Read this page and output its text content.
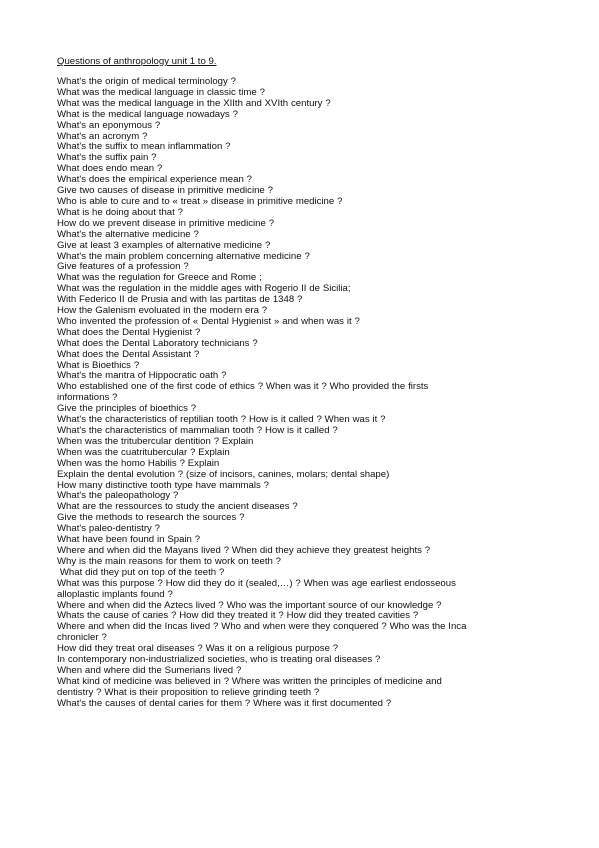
Questions of anthropology unit 1 to 9.
What's the origin of medical terminology ?
What was the medical language in classic time ?
What was the medical language in the XIIth and XVIth century ?
What is the medical language nowadays ?
What's an eponymous ?
What's an acronym ?
What's the suffix to mean inflammation ?
What's the suffix pain ?
What does endo mean ?
What's does the empirical experience mean ?
Give two causes of disease in primitive medicine ?
Who is able to cure and to « treat » disease in primitive medicine ?
What is he doing about that ?
How do we prevent disease in primitive medicine ?
What's the alternative medicine ?
Give at least 3 examples of alternative medicine ?
What's the main problem concerning alternative medicine ?
Give features of a profession ?
What was the regulation for Greece and Rome ;
What was the regulation in the middle ages with Rogerio II de Sicilia;
With Federico II de Prusia and with las partitas de 1348 ?
How the Galenism evoluated in the modern era ?
Who invented the profession of « Dental Hygienist » and when was it ?
What does the Dental Hygienist ?
What does the Dental Laboratory technicians ?
What does the Dental Assistant ?
What is Bioethics ?
What's the mantra of Hippocratic oath ?
Who established one of the first code of ethics ? When was it ? Who provided the firsts
informations ?
Give the principles of bioethics ?
What's the characteristics of reptilian tooth ? How is it called ? When was it ?
What's the characteristics of mammalian tooth ? How is it called ?
When was the tritubercular dentition ? Explain
When was the cuatritubercular ? Explain
When was the homo Habilis ? Explain
Explain the dental evolution ? (size of incisors, canines, molars; dental shape)
How many distinctive tooth type have mammals ?
What's the paleopathology ?
What are the ressources to study the ancient diseases ?
Give the methods to research the sources ?
What's paleo-dentistry ?
What have been found in Spain ?
Where and when did the Mayans lived ? When did they achieve they greatest heights ?
Why is the main reasons for them to work on teeth ?
What did they put on top of the teeth ?
What was this purpose ? How did they do it (sealed,…) ? When was age earliest endosseous
alloplastic implants found ?
Where and when did the Aztecs lived ? Who was the important source of our knowledge ?
Whats the cause of caries ? How did they treated it ? How did they treated cavities ?
Where and when did the Incas lived ? Who and when were they conquered ? Who was the Inca
chronicler ?
How did they treat oral diseases ? Was it on a religious purpose ?
In contemporary non-industrialized societies, who is treating oral diseases ?
When and where did the Sumerians lived ?
What kind of medicine was believed in ? Where was written the principles of medicine and
dentistry ? What is their proposition to relieve grinding teeth ?
What's the causes of dental caries for them ? Where was it first documented ?
